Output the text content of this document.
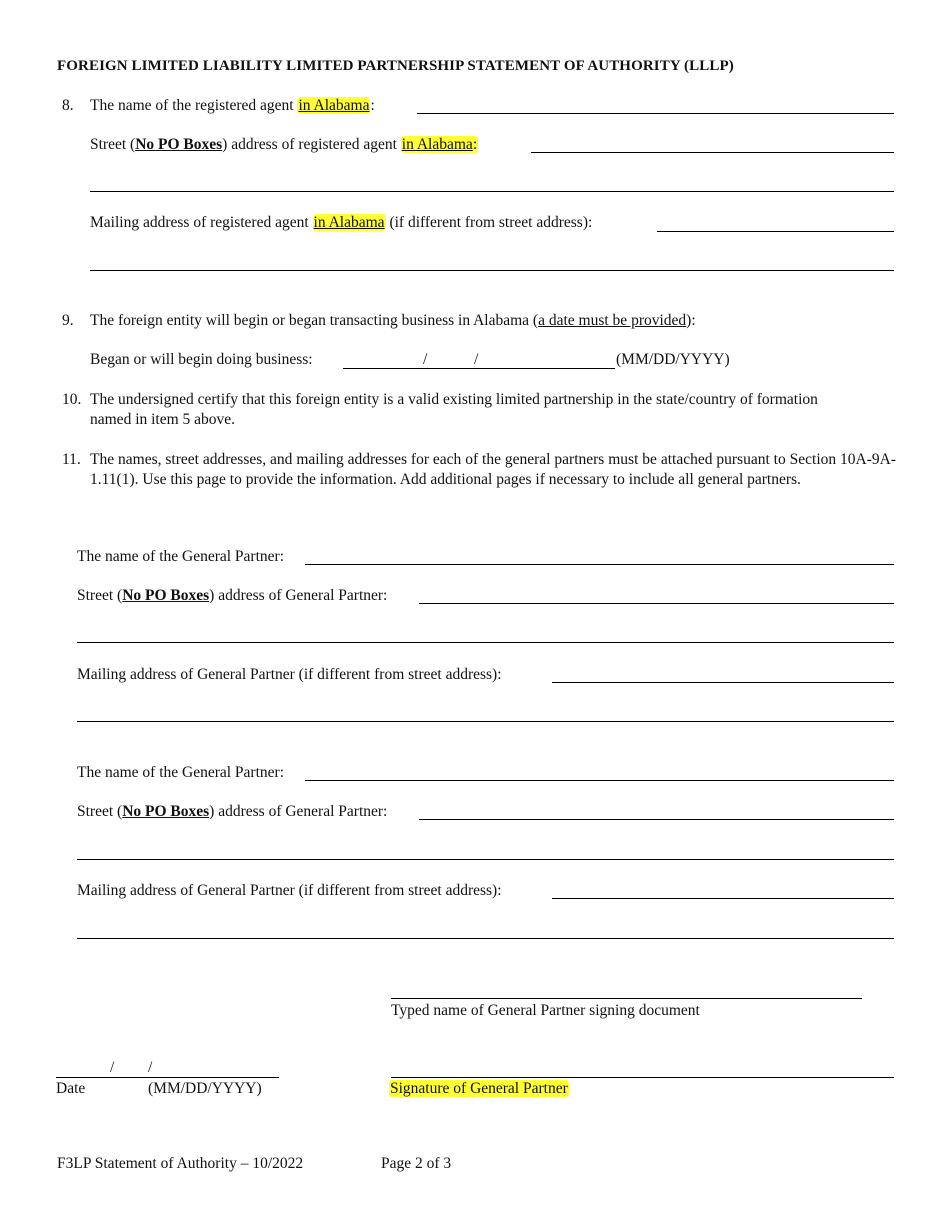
FOREIGN LIMITED LIABILITY LIMITED PARTNERSHIP STATEMENT OF AUTHORITY (LLLP)
8. The name of the registered agent in Alabama:
Street (No PO Boxes) address of registered agent in Alabama:
Mailing address of registered agent in Alabama (if different from street address):
9. The foreign entity will begin or began transacting business in Alabama (a date must be provided):
Began or will begin doing business:	/	/	(MM/DD/YYYY)
10. The undersigned certify that this foreign entity is a valid existing limited partnership in the state/country of formation named in item 5 above.
11. The names, street addresses, and mailing addresses for each of the general partners must be attached pursuant to Section 10A-9A-1.11(1). Use this page to provide the information. Add additional pages if necessary to include all general partners.
The name of the General Partner:
Street (No PO Boxes) address of General Partner:
Mailing address of General Partner (if different from street address):
The name of the General Partner:
Street (No PO Boxes) address of General Partner:
Mailing address of General Partner (if different from street address):
Typed name of General Partner signing document
/ /
Date	(MM/DD/YYYY)	Signature of General Partner
F3LP Statement of Authority – 10/2022	Page 2 of 3
